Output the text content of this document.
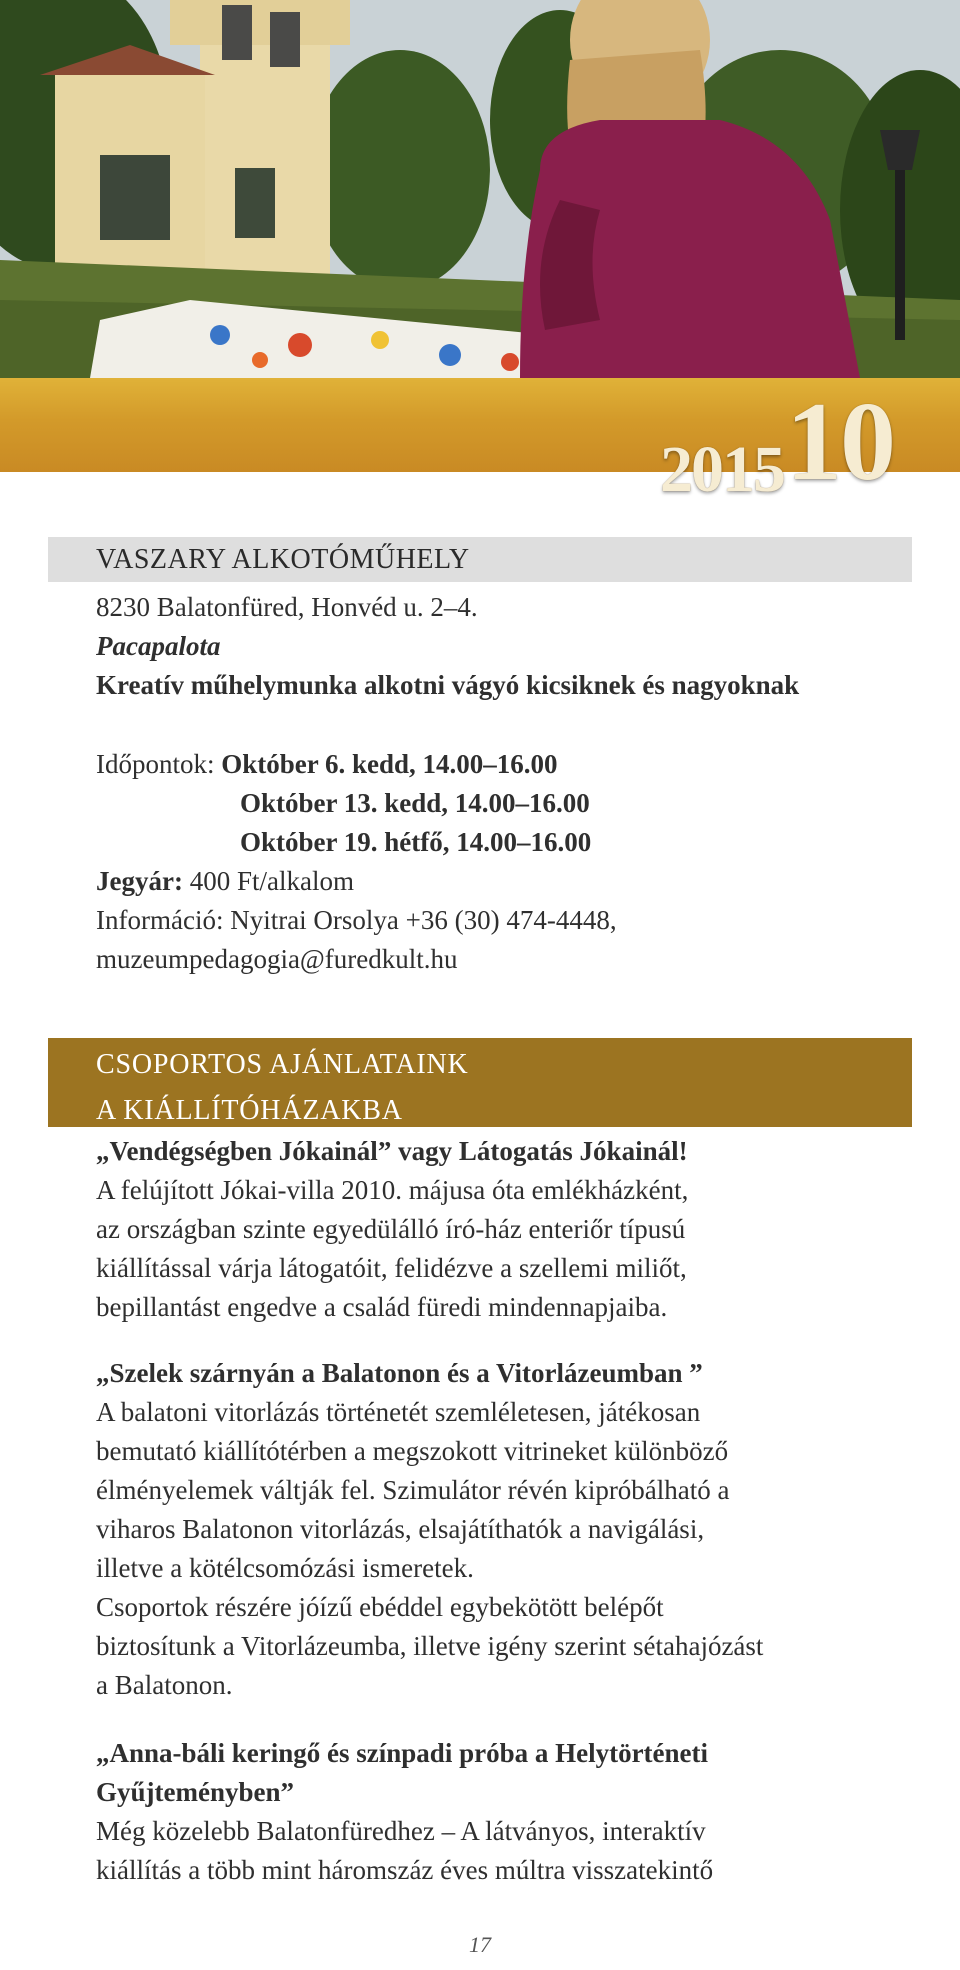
201510
VASZARY ALKOTÓMŰHELY
8230 Balatonfüred, Honvéd u. 2–4.
Pacapalota
Kreatív műhelymunka alkotni vágyó kicsiknek és nagyoknak
Időpontok: Október 6. kedd, 14.00–16.00
Október 13. kedd, 14.00–16.00
Október 19. hétfő, 14.00–16.00
Jegyár: 400 Ft/alkalom
Információ: Nyitrai Orsolya +36 (30) 474-4448,
muzeumpedagogia@furedkult.hu
CSOPORTOS AJÁNLATAINK
A KIÁLLÍTÓHÁZAKBA
„Vendégségben Jókainál” vagy Látogatás Jókainál!
A felújított Jókai-villa 2010. májusa óta emlékházként,
az országban szinte egyedülálló író-ház enteriőr típusú
kiállítással várja látogatóit, felidézve a szellemi miliőt,
bepillantást engedve a család füredi mindennapjaiba.
„Szelek szárnyán a Balatonon és a Vitorlázeumban ”
A balatoni vitorlázás történetét szemléletesen, játékosan
bemutató kiállítótérben a megszokott vitrineket különböző
élményelemek váltják fel. Szimulátor révén kipróbálható a
viharos Balatonon vitorlázás, elsajátíthatók a navigálási,
illetve a kötélcsomózási ismeretek.
Csoportok részére jóízű ebéddel egybekötött belépőt
biztosítunk a Vitorlázeumba, illetve igény szerint sétahajózást
a Balatonon.
„Anna-báli keringő és színpadi próba a Helytörténeti
Gyűjteményben”
Még közelebb Balatonfüredhez – A látványos, interaktív
kiállítás a több mint háromszáz éves múltra visszatekintő
17
